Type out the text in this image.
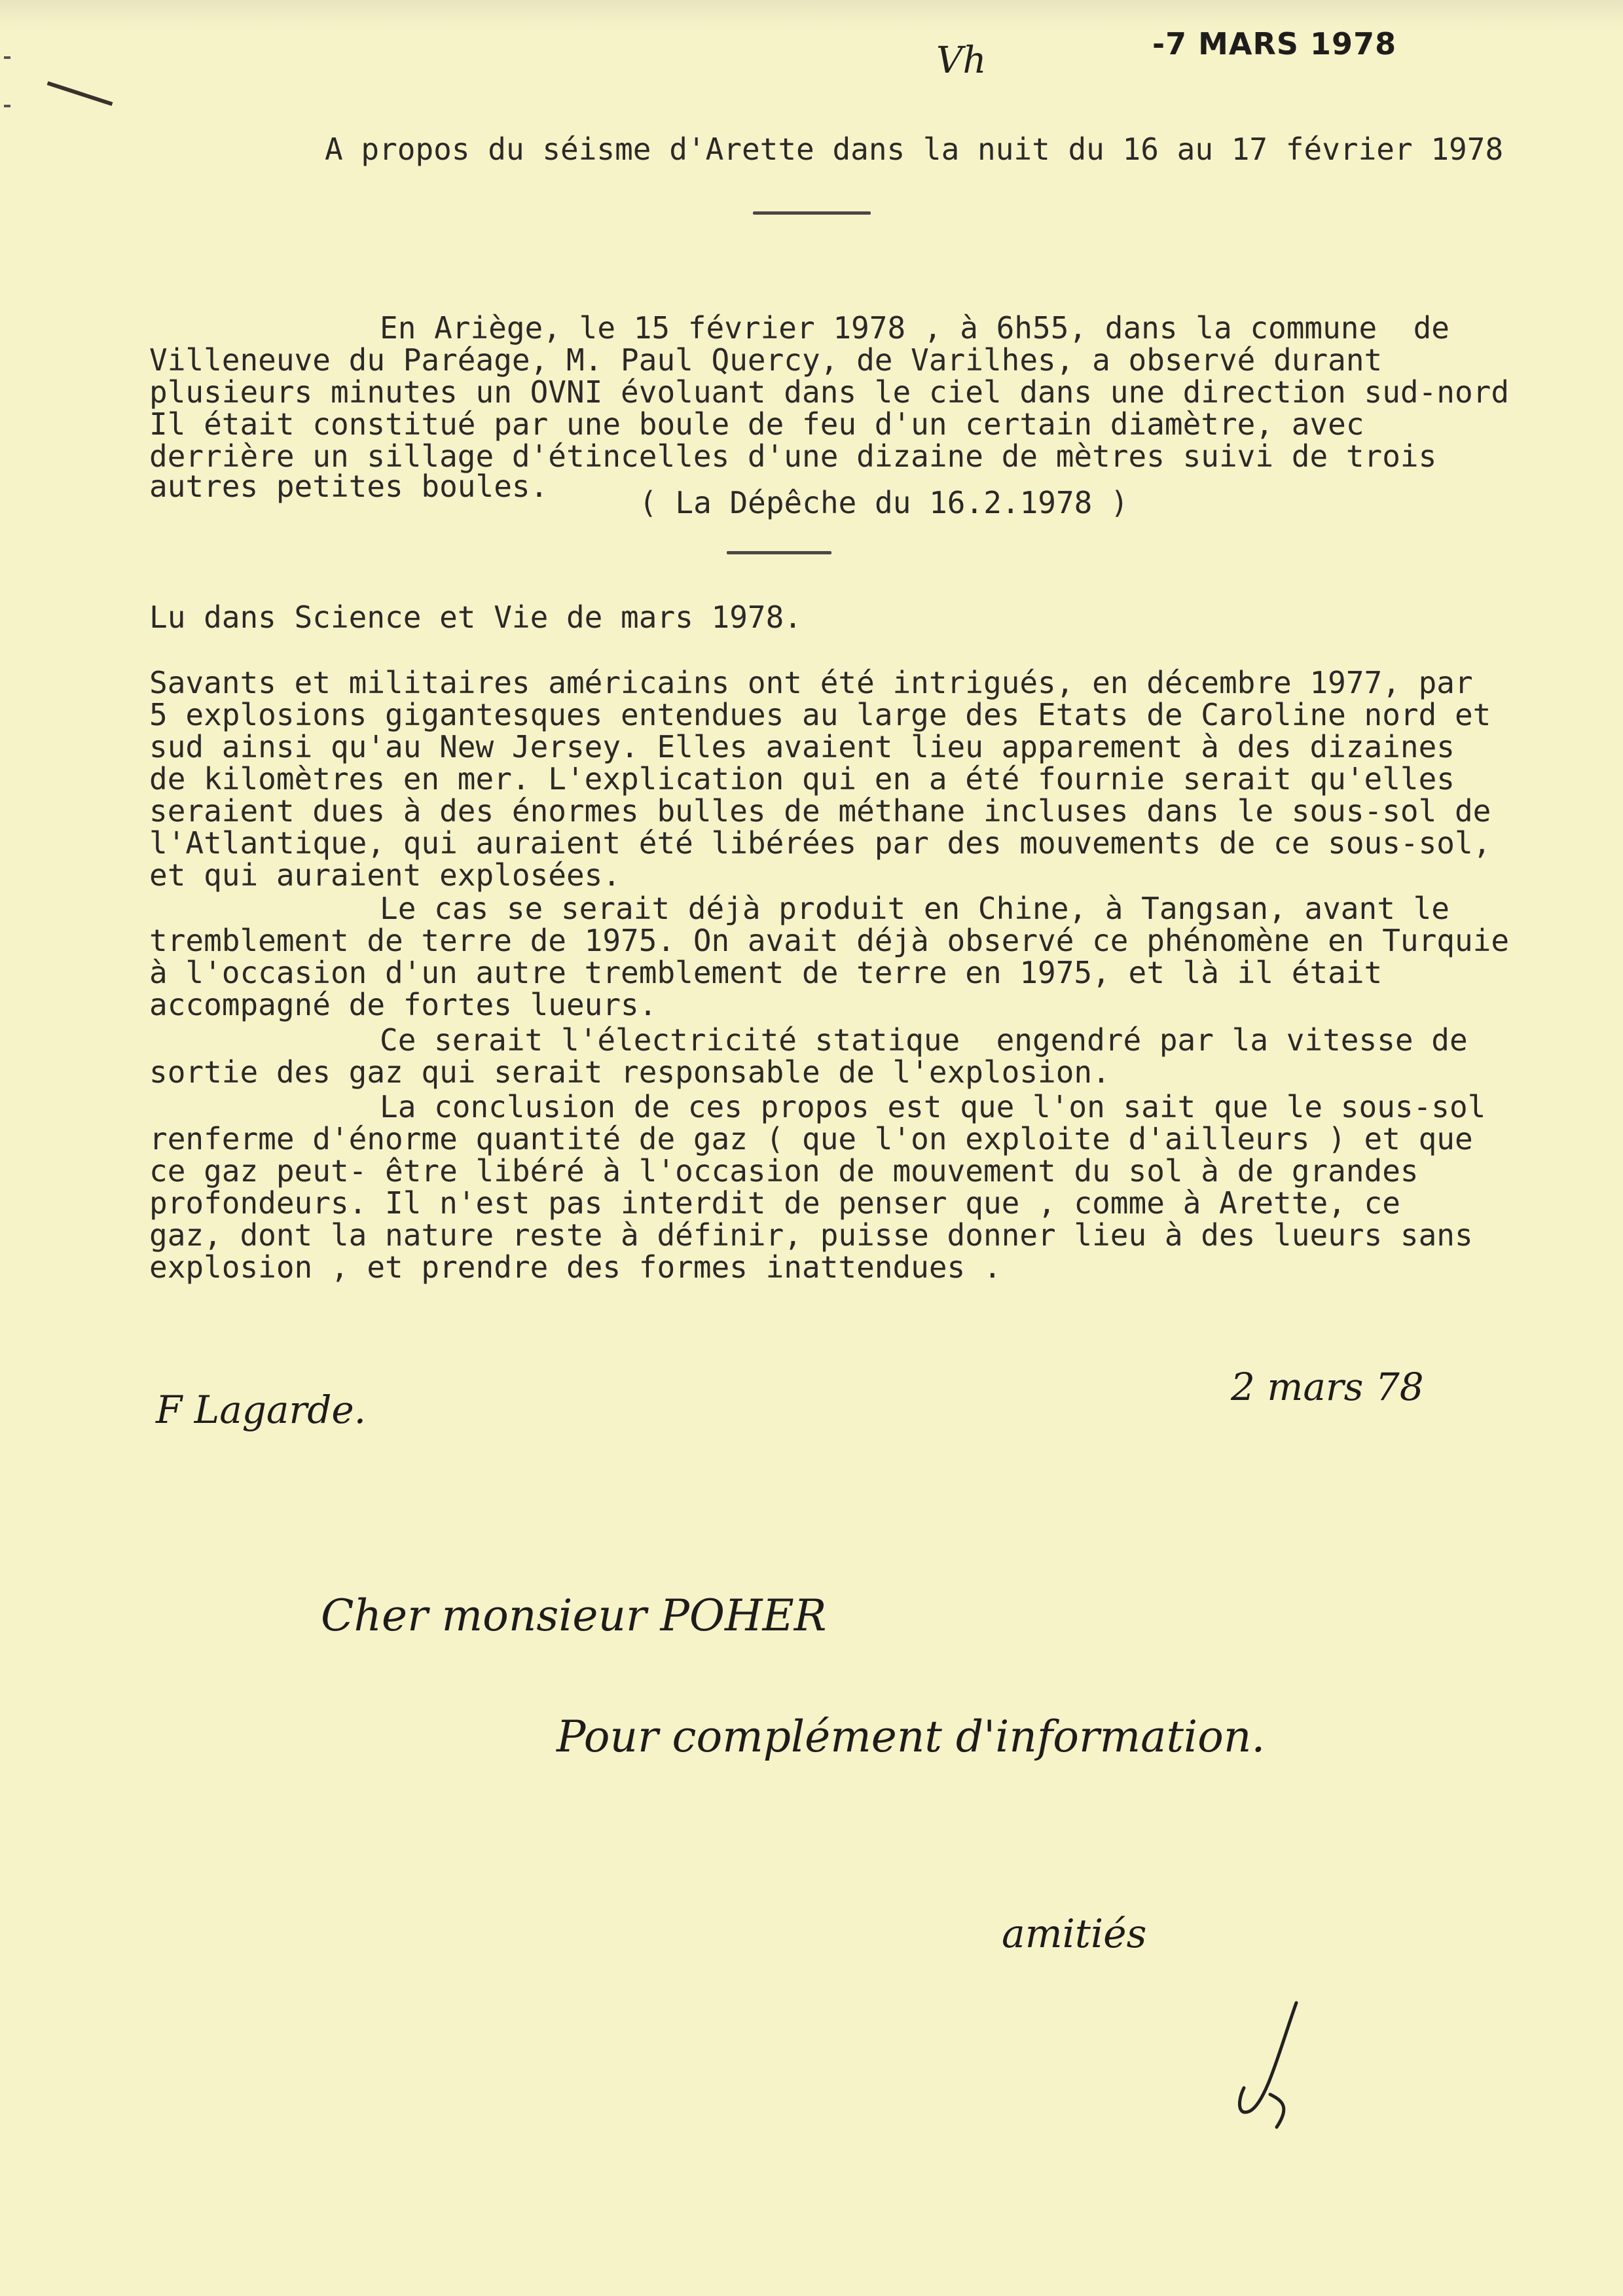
-7 MARS 1978
Vh
A propos du séisme d'Arette dans la nuit du 16 au 17 février 1978
En Ariège, le 15 février 1978 , à 6h55, dans la commune  de
Villeneuve du Paréage, M. Paul Quercy, de Varilhes, a observé durant
plusieurs minutes un OVNI évoluant dans le ciel dans une direction sud-nord
Il était constitué par une boule de feu d'un certain diamètre, avec
derrière un sillage d'étincelles d'une dizaine de mètres suivi de trois
autres petites boules.	( La Dépêche du 16.2.1978 )
Lu dans Science et Vie de mars 1978.
Savants et militaires américains ont été intrigués, en décembre 1977, par
5 explosions gigantesques entendues au large des Etats de Caroline nord et
sud ainsi qu'au New Jersey. Elles avaient lieu apparement à des dizaines
de kilomètres en mer. L'explication qui en a été fournie serait qu'elles
seraient dues à des énormes bulles de méthane incluses dans le sous-sol de
l'Atlantique, qui auraient été libérées par des mouvements de ce sous-sol,
et qui auraient explosées.
Le cas se serait déjà produit en Chine, à Tangsan, avant le
tremblement de terre de 1975. On avait déjà observé ce phénomène en Turquie
à l'occasion d'un autre tremblement de terre en 1975, et là il était
accompagné de fortes lueurs.
Ce serait l'électricité statique  engendré par la vitesse de
sortie des gaz qui serait responsable de l'explosion.
La conclusion de ces propos est que l'on sait que le sous-sol
renferme d'énorme quantité de gaz ( que l'on exploite d'ailleurs ) et que
ce gaz peut- être libéré à l'occasion de mouvement du sol à de grandes
profondeurs. Il n'est pas interdit de penser que , comme à Arette, ce
gaz, dont la nature reste à définir, puisse donner lieu à des lueurs sans
explosion , et prendre des formes inattendues .
F Lagarde.
2 mars 78
Cher monsieur POHER
Pour complément d'information.
amitiés
